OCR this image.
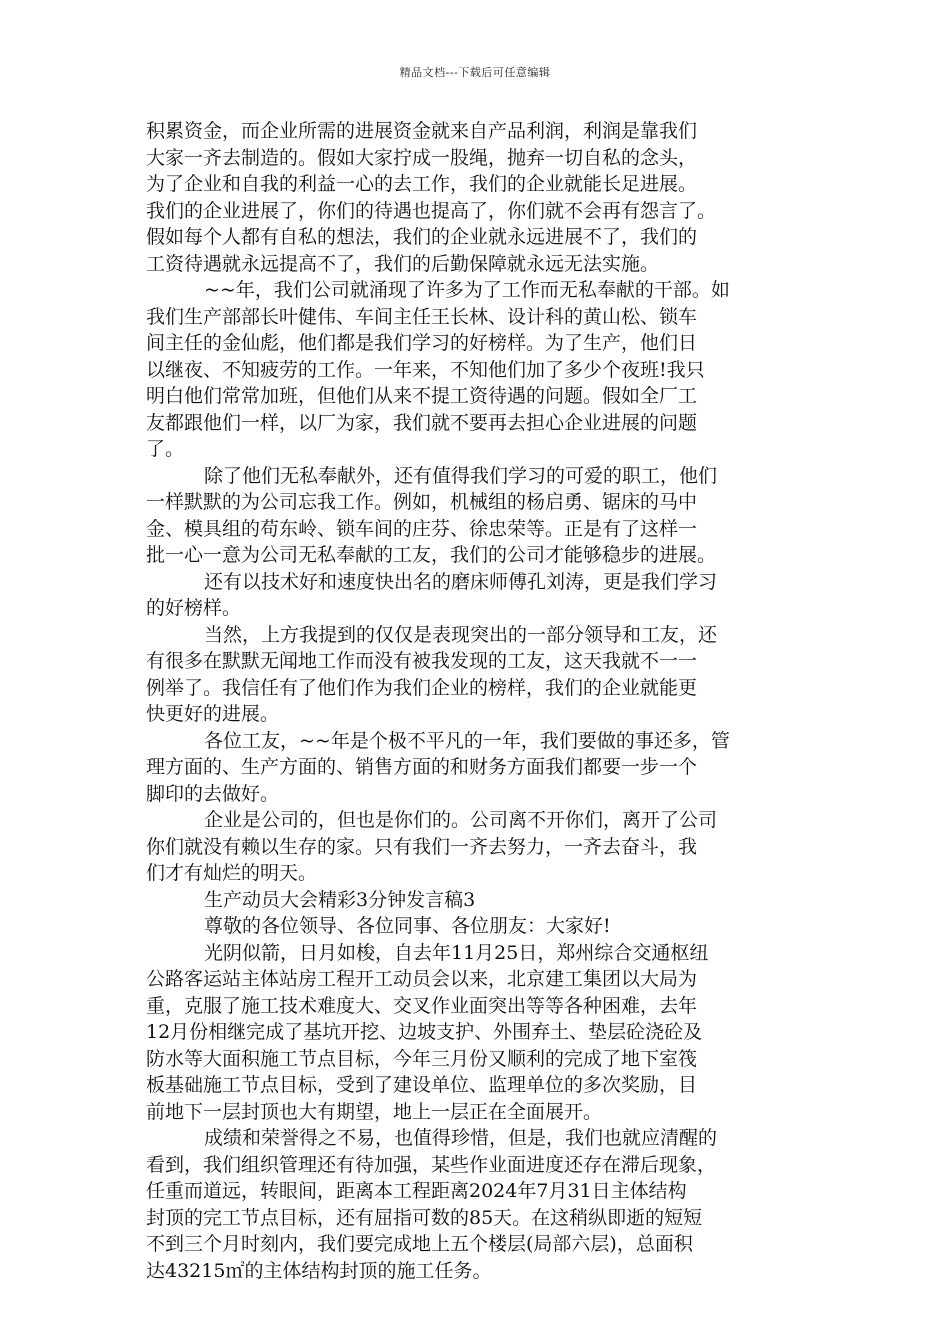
精品文档---下载后可任意编辑
积累资金，而企业所需的进展资金就来自产品利润，利润是靠我们
大家一齐去制造的。假如大家拧成一股绳，抛弃一切自私的念头，
为了企业和自我的利益一心的去工作，我们的企业就能长足进展。
我们的企业进展了，你们的待遇也提高了，你们就不会再有怨言了。
假如每个人都有自私的想法，我们的企业就永远进展不了，我们的
工资待遇就永远提高不了，我们的后勤保障就永远无法实施。
~~年，我们公司就涌现了许多为了工作而无私奉献的干部。如
我们生产部部长叶健伟、车间主任王长林、设计科的黄山松、锁车
间主任的金仙彪，他们都是我们学习的好榜样。为了生产，他们日
以继夜、不知疲劳的工作。一年来，不知他们加了多少个夜班!我只
明白他们常常加班，但他们从来不提工资待遇的问题。假如全厂工
友都跟他们一样，以厂为家，我们就不要再去担心企业进展的问题
了。
除了他们无私奉献外，还有值得我们学习的可爱的职工，他们
一样默默的为公司忘我工作。例如，机械组的杨启勇、锯床的马中
金、模具组的苟东岭、锁车间的庄芬、徐忠荣等。正是有了这样一
批一心一意为公司无私奉献的工友，我们的公司才能够稳步的进展。
还有以技术好和速度快出名的磨床师傅孔刘涛，更是我们学习
的好榜样。
当然，上方我提到的仅仅是表现突出的一部分领导和工友，还
有很多在默默无闻地工作而没有被我发现的工友，这天我就不一一
例举了。我信任有了他们作为我们企业的榜样，我们的企业就能更
快更好的进展。
各位工友，~~年是个极不平凡的一年，我们要做的事还多，管
理方面的、生产方面的、销售方面的和财务方面我们都要一步一个
脚印的去做好。
企业是公司的，但也是你们的。公司离不开你们，离开了公司
你们就没有赖以生存的家。只有我们一齐去努力，一齐去奋斗，我
们才有灿烂的明天。
生产动员大会精彩3分钟发言稿3
尊敬的各位领导、各位同事、各位朋友：大家好!
光阴似箭，日月如梭，自去年11月25日，郑州综合交通枢纽
公路客运站主体站房工程开工动员会以来，北京建工集团以大局为
重，克服了施工技术难度大、交叉作业面突出等等各种困难，去年
12月份相继完成了基坑开挖、边坡支护、外围弃土、垫层砼浇砼及
防水等大面积施工节点目标，今年三月份又顺利的完成了地下室筏
板基础施工节点目标，受到了建设单位、监理单位的多次奖励，目
前地下一层封顶也大有期望，地上一层正在全面展开。
成绩和荣誉得之不易，也值得珍惜，但是，我们也就应清醒的
看到，我们组织管理还有待加强，某些作业面进度还存在滞后现象，
任重而道远，转眼间，距离本工程距离2024年7月31日主体结构
封顶的完工节点目标，还有屈指可数的85天。在这稍纵即逝的短短
不到三个月时刻内，我们要完成地上五个楼层(局部六层)，总面积
达43215㎡的主体结构封顶的施工任务。
